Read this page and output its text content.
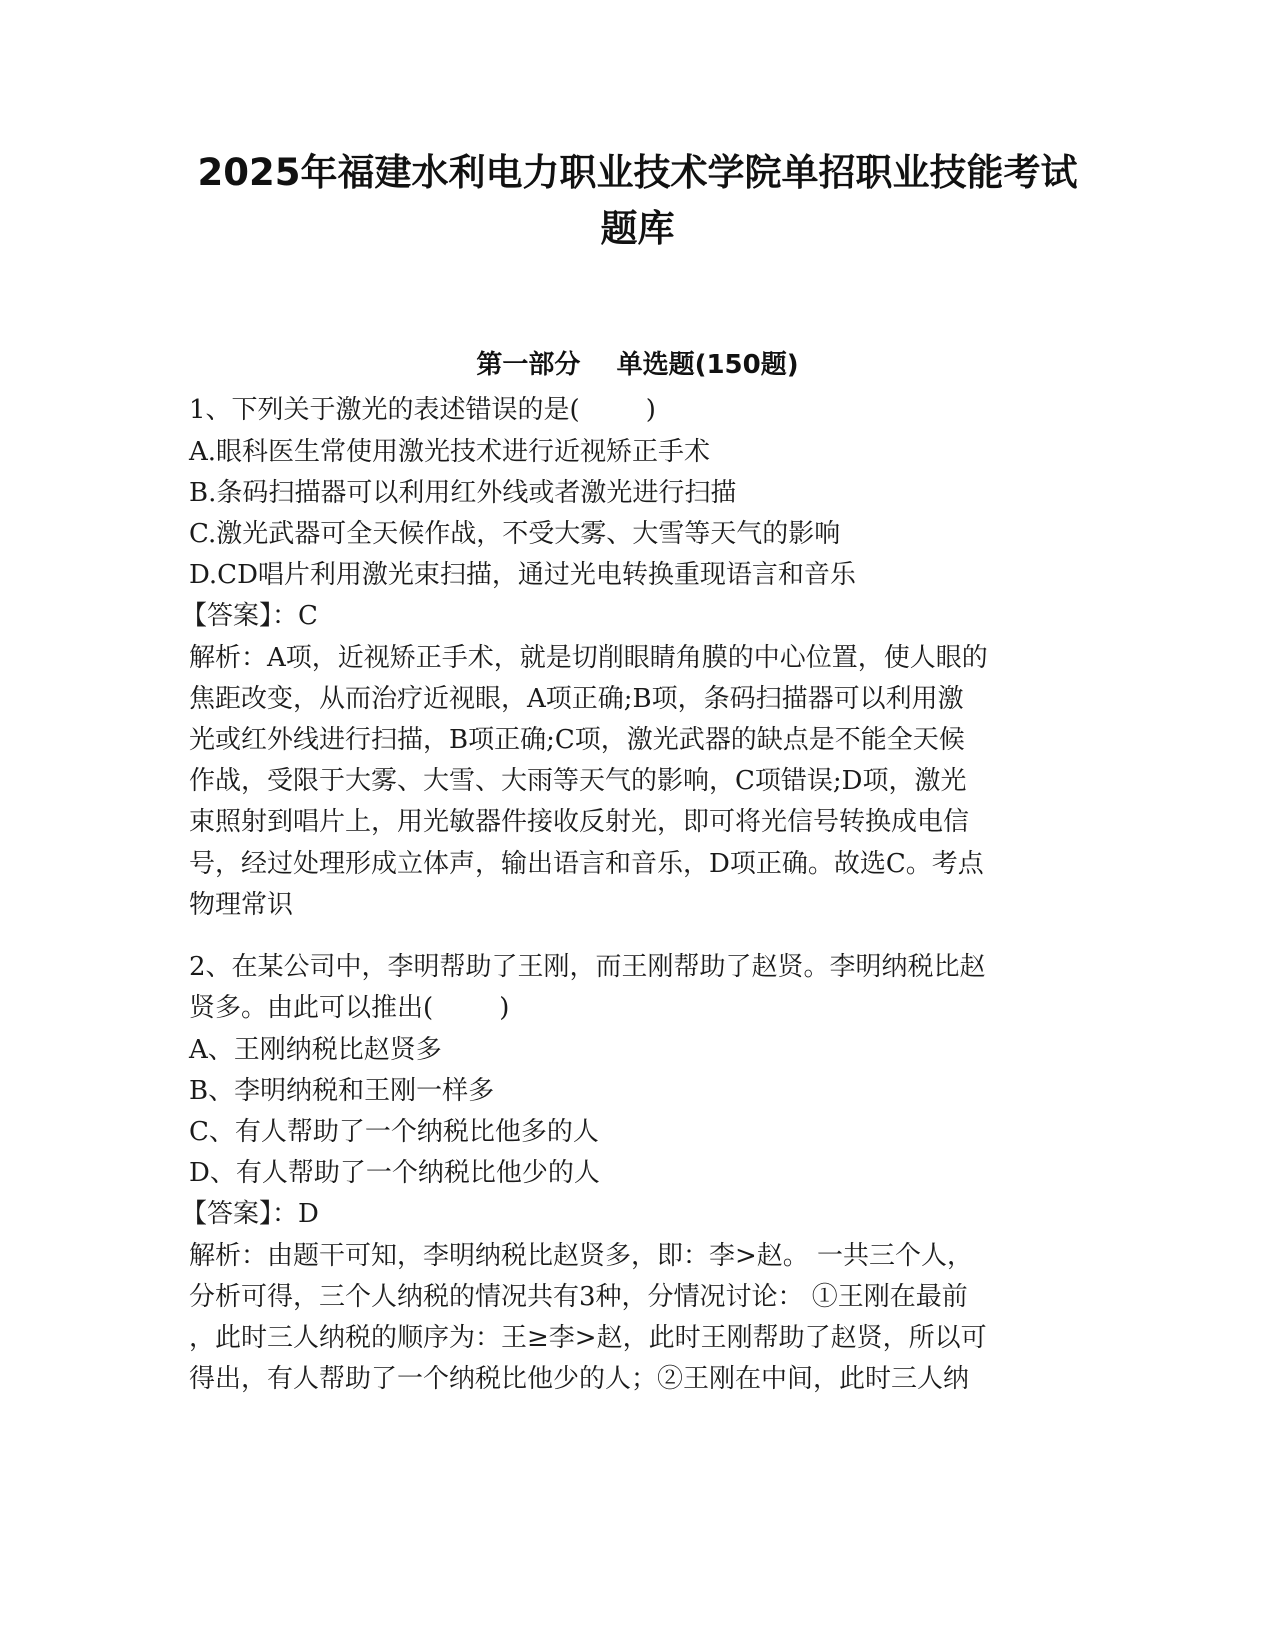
2025年福建水利电力职业技术学院单招职业技能考试
题库
第一部分    单选题(150题)
1、下列关于激光的表述错误的是(        )
A.眼科医生常使用激光技术进行近视矫正手术
B.条码扫描器可以利用红外线或者激光进行扫描
C.激光武器可全天候作战，不受大雾、大雪等天气的影响
D.CD唱片利用激光束扫描，通过光电转换重现语言和音乐
【答案】：C
解析：A项，近视矫正手术，就是切削眼睛角膜的中心位置，使人眼的
焦距改变，从而治疗近视眼，A项正确;B项，条码扫描器可以利用激
光或红外线进行扫描，B项正确;C项，激光武器的缺点是不能全天候
作战，受限于大雾、大雪、大雨等天气的影响，C项错误;D项，激光
束照射到唱片上，用光敏器件接收反射光，即可将光信号转换成电信
号，经过处理形成立体声，输出语言和音乐，D项正确。故选C。考点
物理常识
2、在某公司中，李明帮助了王刚，而王刚帮助了赵贤。李明纳税比赵
贤多。由此可以推出(        )
A、王刚纳税比赵贤多
B、李明纳税和王刚一样多
C、有人帮助了一个纳税比他多的人
D、有人帮助了一个纳税比他少的人
【答案】：D
解析：由题干可知，李明纳税比赵贤多，即：李>赵。 一共三个人，
分析可得，三个人纳税的情况共有3种，分情况讨论： ①王刚在最前
，此时三人纳税的顺序为：王≥李>赵，此时王刚帮助了赵贤，所以可
得出，有人帮助了一个纳税比他少的人；②王刚在中间，此时三人纳
